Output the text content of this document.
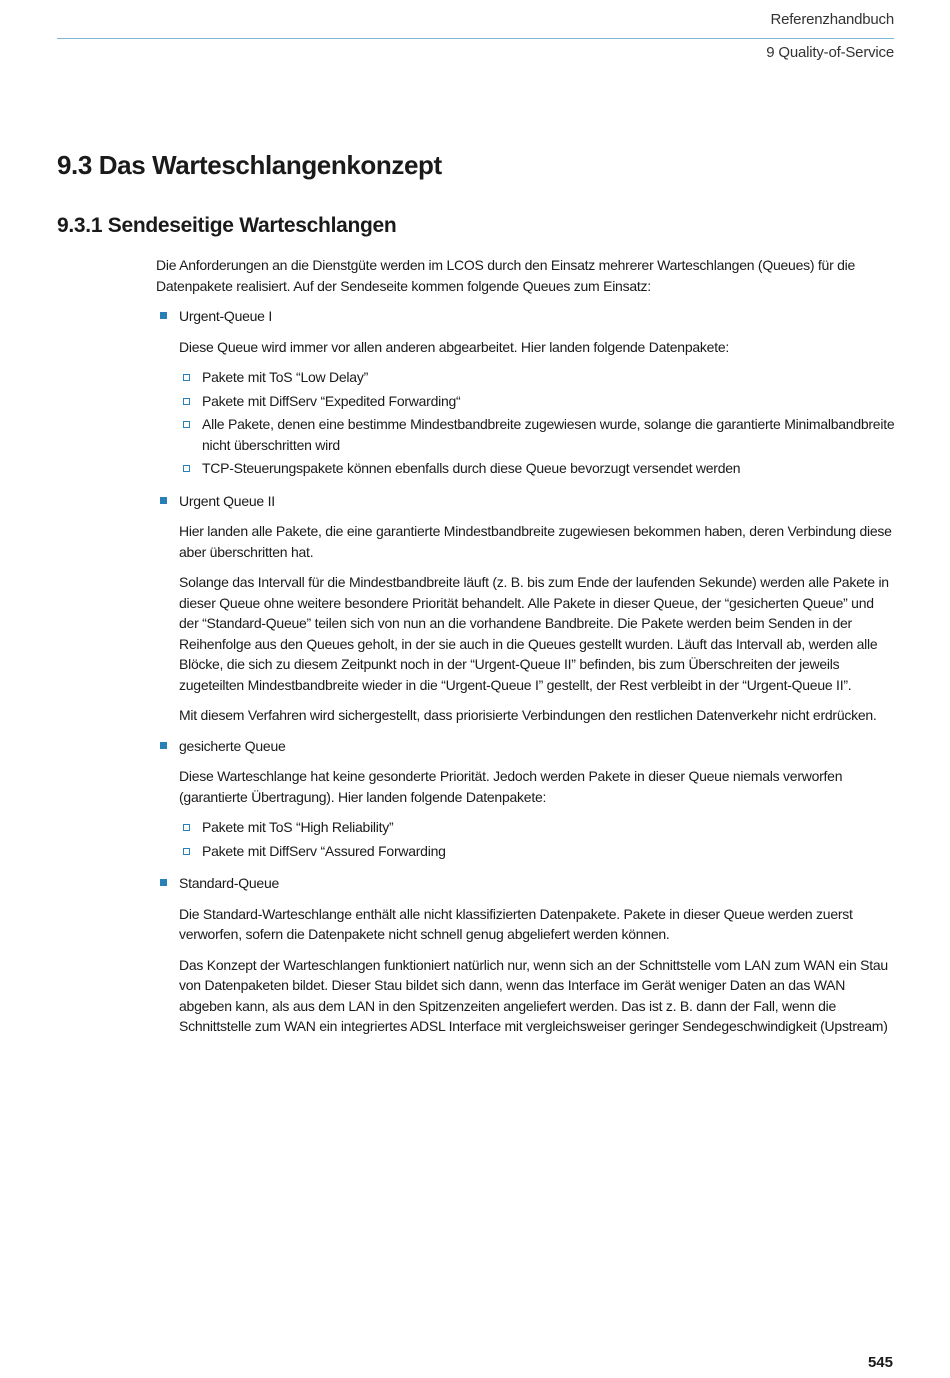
Referenzhandbuch
9 Quality-of-Service
9.3 Das Warteschlangenkonzept
9.3.1 Sendeseitige Warteschlangen

Die Anforderungen an die Dienstgüte werden im LCOS durch den Einsatz mehrerer Warteschlangen (Queues) für die Datenpakete realisiert. Auf der Sendeseite kommen folgende Queues zum Einsatz:

Urgent-Queue I

Diese Queue wird immer vor allen anderen abgearbeitet. Hier landen folgende Datenpakete:

Pakete mit ToS “Low Delay”
Pakete mit DiffServ “Expedited Forwarding“
Alle Pakete, denen eine bestimme Mindestbandbreite zugewiesen wurde, solange die garantierte Minimalbandbreite nicht überschritten wird
TCP-Steuerungspakete können ebenfalls durch diese Queue bevorzugt versendet werden
Urgent Queue II

Hier landen alle Pakete, die eine garantierte Mindestbandbreite zugewiesen bekommen haben, deren Verbindung diese aber überschritten hat.

Solange das Intervall für die Mindestbandbreite läuft (z. B. bis zum Ende der laufenden Sekunde) werden alle Pakete in dieser Queue ohne weitere besondere Priorität behandelt. Alle Pakete in dieser Queue, der “gesicherten Queue” und der “Standard-Queue” teilen sich von nun an die vorhandene Bandbreite. Die Pakete werden beim Senden in der Reihenfolge aus den Queues geholt, in der sie auch in die Queues gestellt wurden. Läuft das Intervall ab, werden alle Blöcke, die sich zu diesem Zeitpunkt noch in der “Urgent-Queue II” befinden, bis zum Überschreiten der jeweils zugeteilten Mindestbandbreite wieder in die “Urgent-Queue I” gestellt, der Rest verbleibt in der “Urgent-Queue II”.

Mit diesem Verfahren wird sichergestellt, dass priorisierte Verbindungen den restlichen Datenverkehr nicht erdrücken.

gesicherte Queue

Diese Warteschlange hat keine gesonderte Priorität. Jedoch werden Pakete in dieser Queue niemals verworfen (garantierte Übertragung). Hier landen folgende Datenpakete:

Pakete mit ToS “High Reliability”
Pakete mit DiffServ “Assured Forwarding
Standard-Queue

Die Standard-Warteschlange enthält alle nicht klassifizierten Datenpakete. Pakete in dieser Queue werden zuerst verworfen, sofern die Datenpakete nicht schnell genug abgeliefert werden können.

Das Konzept der Warteschlangen funktioniert natürlich nur, wenn sich an der Schnittstelle vom LAN zum WAN ein Stau von Datenpaketen bildet. Dieser Stau bildet sich dann, wenn das Interface im Gerät weniger Daten an das WAN abgeben kann, als aus dem LAN in den Spitzenzeiten angeliefert werden. Das ist z. B. dann der Fall, wenn die Schnittstelle zum WAN ein integriertes ADSL Interface mit vergleichsweiser geringer Sendegeschwindigkeit (Upstream)

545
